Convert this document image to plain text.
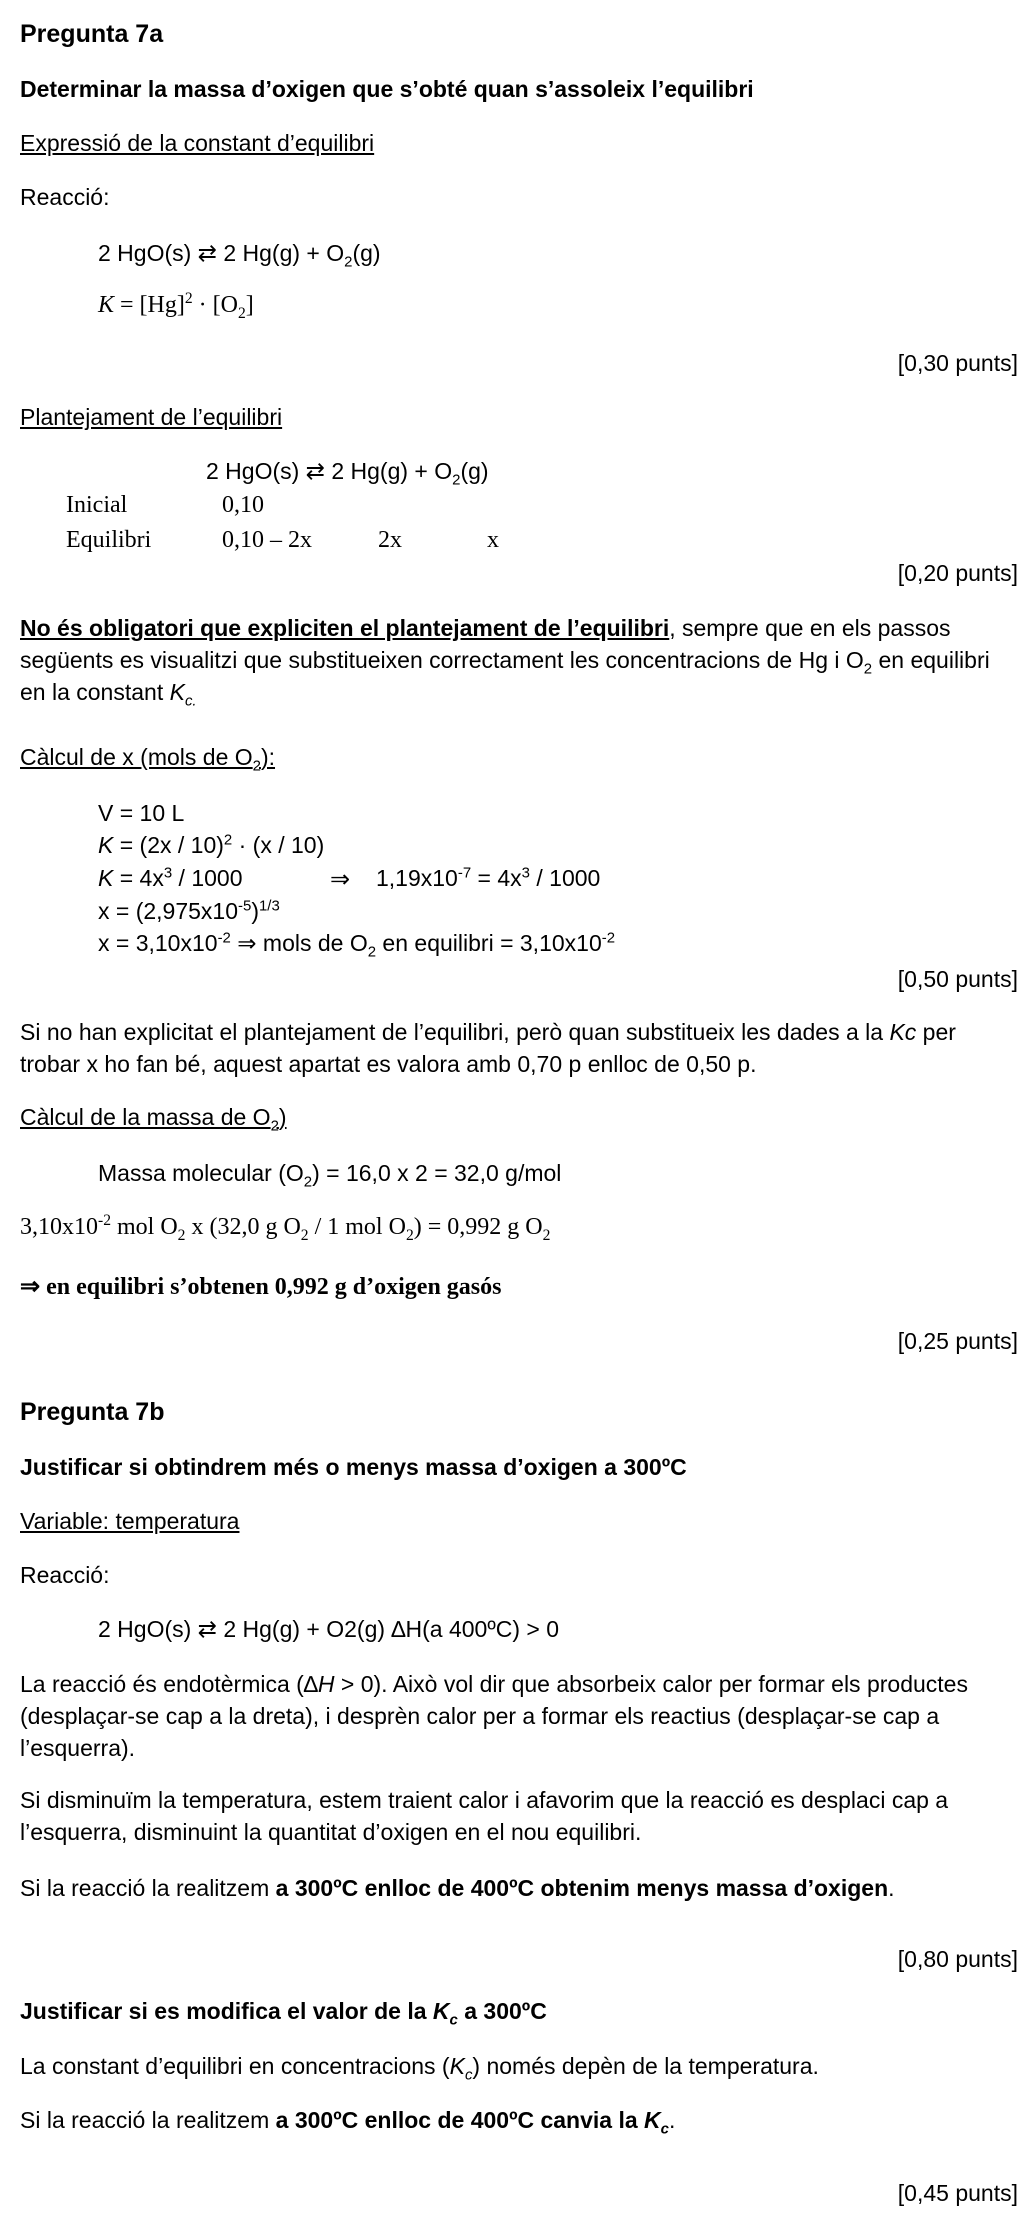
Pregunta 7a
Determinar la massa d’oxigen que s’obté quan s’assoleix l’equilibri
Expressió de la constant d’equilibri
Reacció:
2 HgO(s) ⇄ 2 $Hg(g) + O_2(g)$
$K = [Hg]^2 \cdot [O_2]$
[0,30 punts]
Plantejament de l’equilibri
2 HgO(s) ⇄ 2 $Hg(g) + O_2(g)$
Inicial	0,10
Equilibri	0,10 – 2x	2x	x
[0,20 punts]
No és obligatori que expliciten el plantejament de l’equilibri, sempre que en els passos següents es visualitzi que substitueixen correctament les concentracions de Hg i $O_2$ en equilibri en la constant $K_{c.}$
Càlcul de x (mols de $O_2$):
V = 10 L
K = (2x / 10)$^2$ · (x / 10)
$K = 4x^3 / 1000$	⇒ $1,19x10^{-7} = 4x^3 / 1000$
$x = (2,975x10^{-5})^{1/3}$
$x = 3,10x10^{-2}$ ⇒ mols de $O_2$ en equilibri = $3,10x10^{-2}$
[0,50 punts]
Si no han explicitat el plantejament de l’equilibri, però quan substitueix les dades a la Kc per trobar x ho fan bé, aquest apartat es valora amb 0,70 p enlloc de 0,50 p.
Càlcul de la massa de $O_2$)
Massa molecular $(O_2) = 16,0$ x 2 = 32,0 g/mol
$3,10x10^{-2}$ mol $O_2$ x (32,0 g $O_2 / 1$ mol $O_2) = 0,992$ g $O_2$
⇒ en equilibri s’obtenen 0,992 g d’oxigen gasós
[0,25 punts]
Pregunta 7b
Justificar si obtindrem més o menys massa d’oxigen a 300ºC
Variable: temperatura
Reacció:
2 HgO(s) ⇄ 2 Hg(g) + O2(g) ∆H(a 400ºC) > 0
La reacció és endotèrmica (∆H > 0). Això vol dir que absorbeix calor per formar els productes (desplaçar-se cap a la dreta), i desprèn calor per a formar els reactius (desplaçar-se cap a l’esquerra).
Si disminuïm la temperatura, estem traient calor i afavorim que la reacció es desplaci cap a l’esquerra, disminuint la quantitat d’oxigen en el nou equilibri.
Si la reacció la realitzem a 300ºC enlloc de 400ºC obtenim menys massa d’oxigen.
[0,80 punts]
Justificar si es modifica el valor de la $K_c$ a 300ºC
La constant d’equilibri en concentracions $(K_c)$ només depèn de la temperatura.
Si la reacció la realitzem a 300ºC enlloc de 400ºC canvia la $K_c$.
[0,45 punts]
